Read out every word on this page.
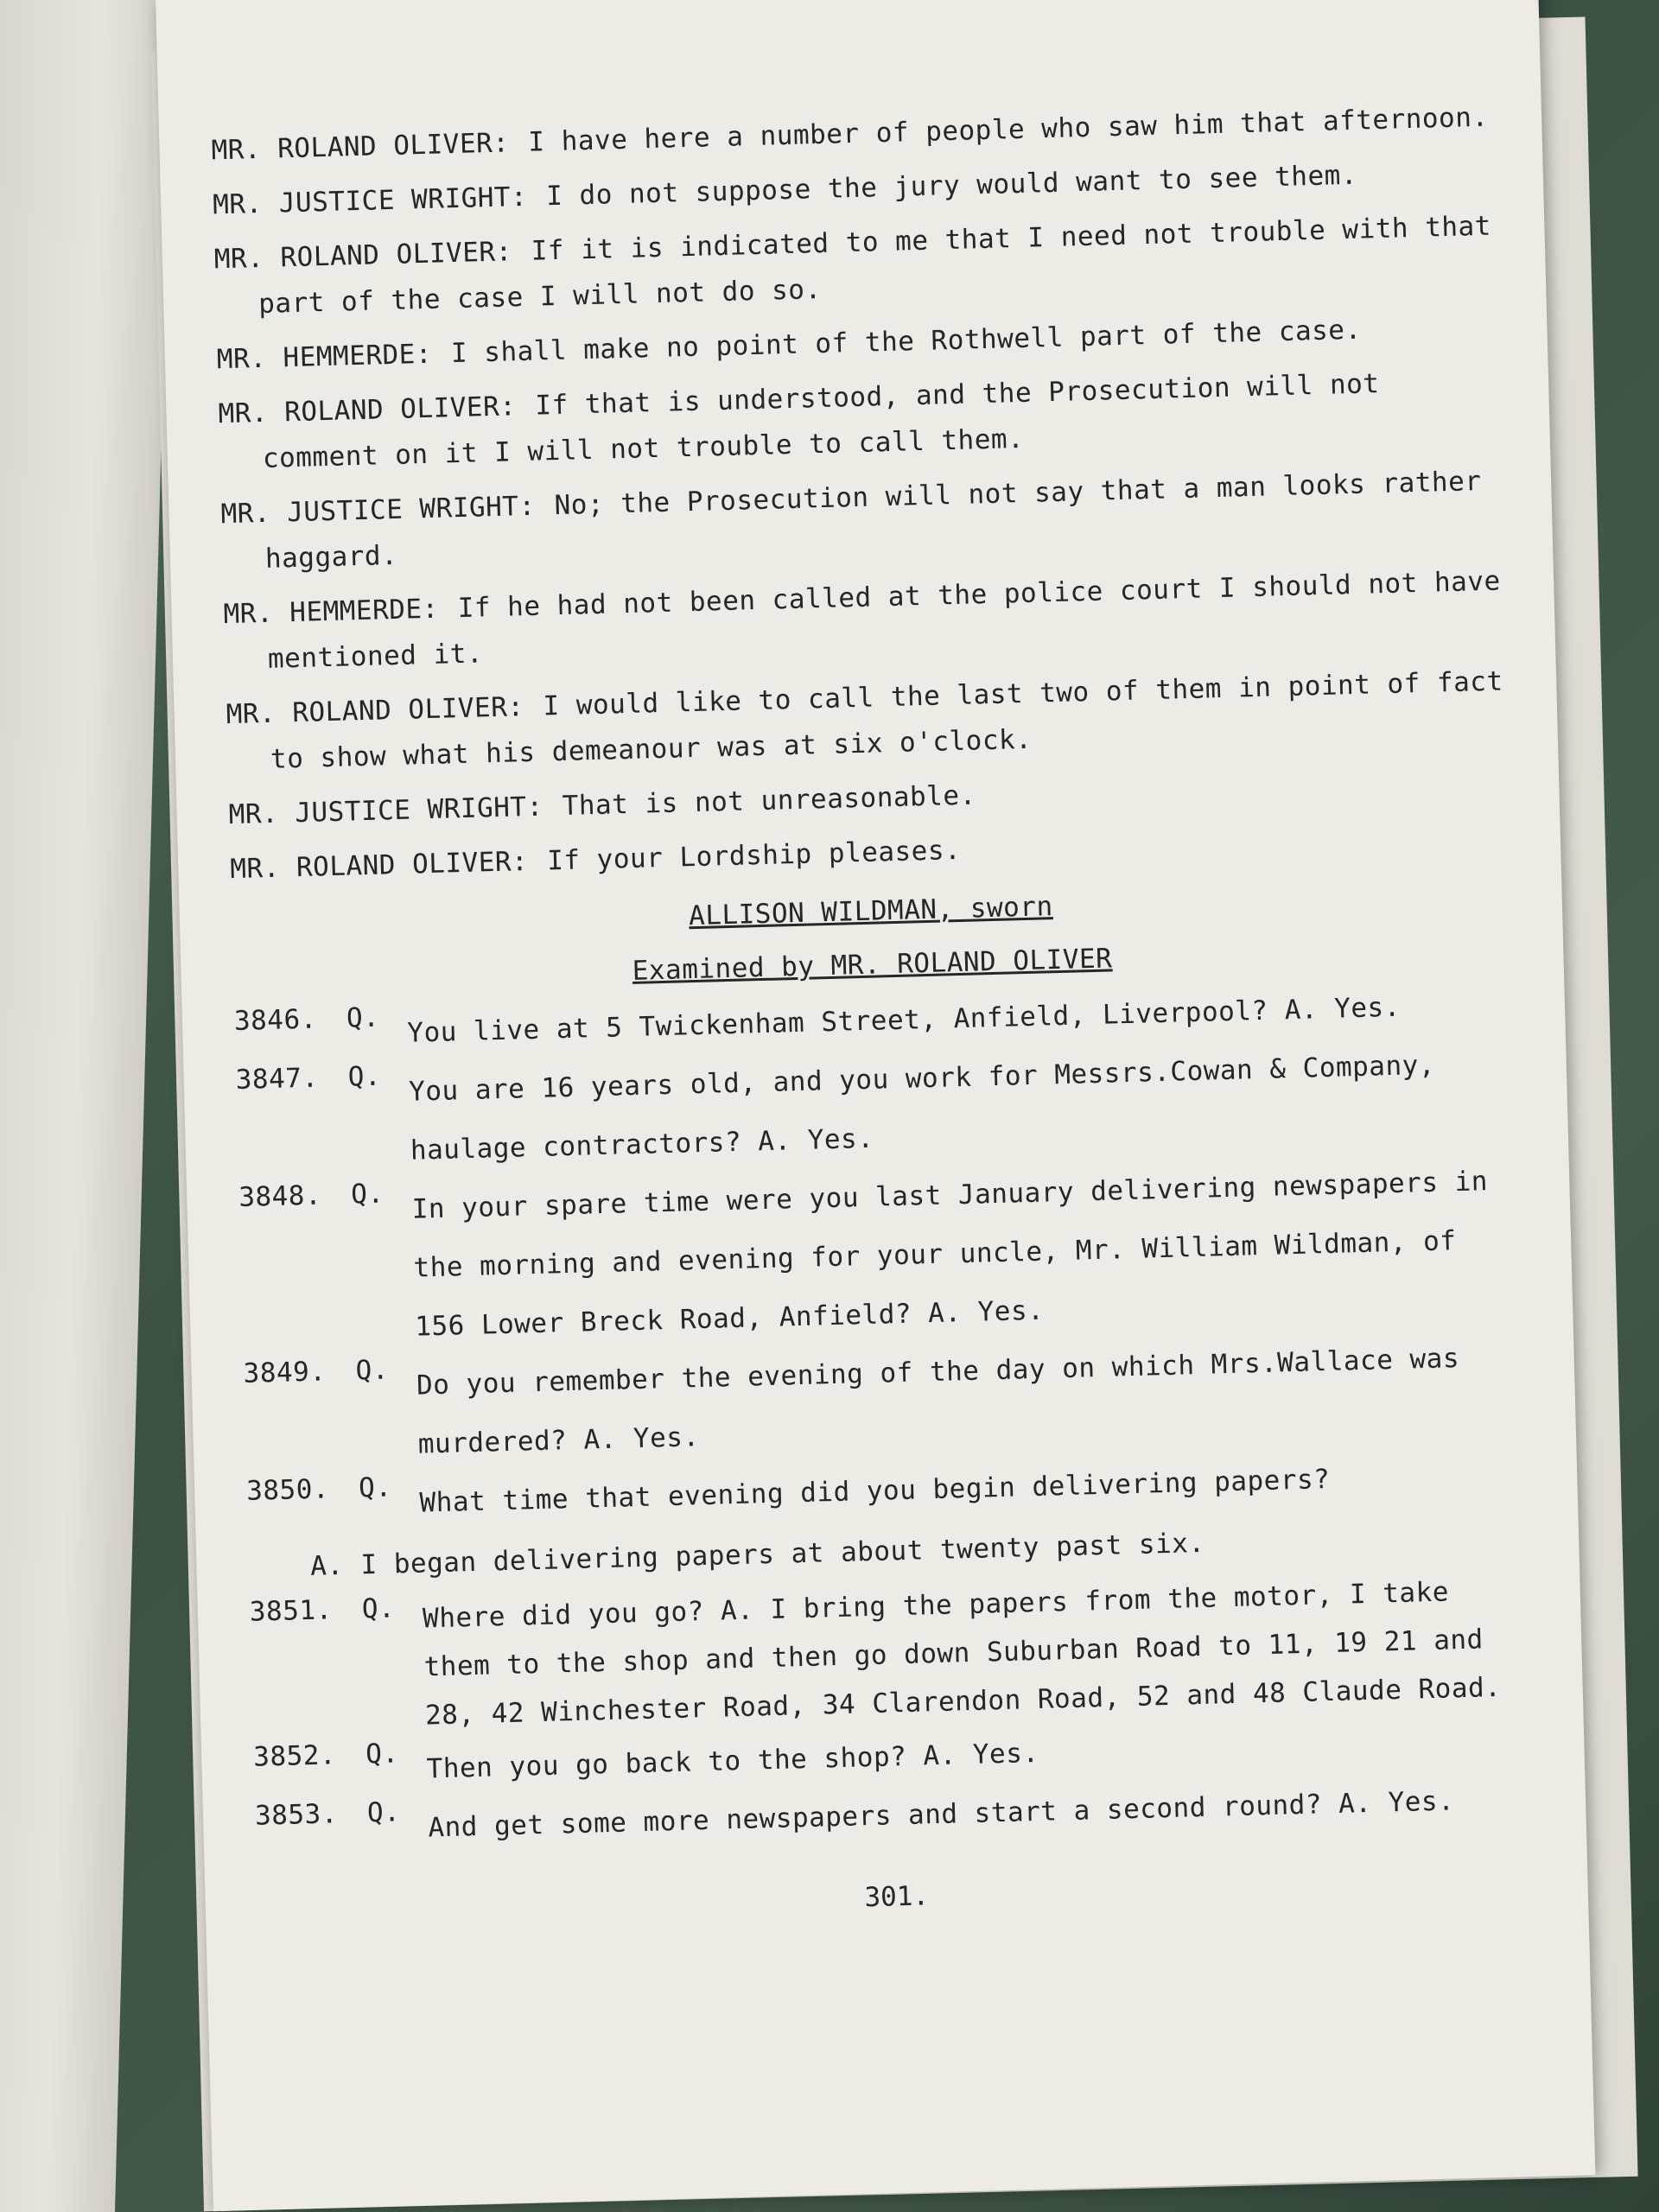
MR. ROLAND OLIVER: I have here a number of people who saw him that afternoon.

MR. JUSTICE WRIGHT: I do not suppose the jury would want to see them.

MR. ROLAND OLIVER: If it is indicated to me that I need not trouble with that part of the case I will not do so.

MR. HEMMERDE: I shall make no point of the Rothwell part of the case.

MR. ROLAND OLIVER: If that is understood, and the Prosecution will not comment on it I will not trouble to call them.

MR. JUSTICE WRIGHT: No; the Prosecution will not say that a man looks rather haggard.

MR. HEMMERDE: If he had not been called at the police court I should not have mentioned it.

MR. ROLAND OLIVER: I would like to call the last two of them in point of fact to show what his demeanour was at six o'clock.

MR. JUSTICE WRIGHT: That is not unreasonable.

MR. ROLAND OLIVER: If your Lordship pleases.

ALLISON WILDMAN, sworn

Examined by MR. ROLAND OLIVER

3846.	Q.	You live at 5 Twickenham Street, Anfield, Liverpool? A. Yes.
3847.	Q.	You are 16 years old, and you work for Messrs.Cowan & Company, haulage contractors? A. Yes.
3848.	Q.	In your spare time were you last January delivering newspapers in the morning and evening for your uncle, Mr. William Wildman, of 156 Lower Breck Road, Anfield? A. Yes.
3849.	Q.	Do you remember the evening of the day on which Mrs.Wallace was murdered? A. Yes.
3850.	Q.	What time that evening did you begin delivering papers?
A. I began delivering papers at about twenty past six.
3851.	Q.	Where did you go? A. I bring the papers from the motor, I take them to the shop and then go down Suburban Road to 11, 19 21 and 28, 42 Winchester Road, 34 Clarendon Road, 52 and 48 Claude Road.
3852.	Q.	Then you go back to the shop? A. Yes.
3853.	Q.	And get some more newspapers and start a second round? A. Yes.

301.
